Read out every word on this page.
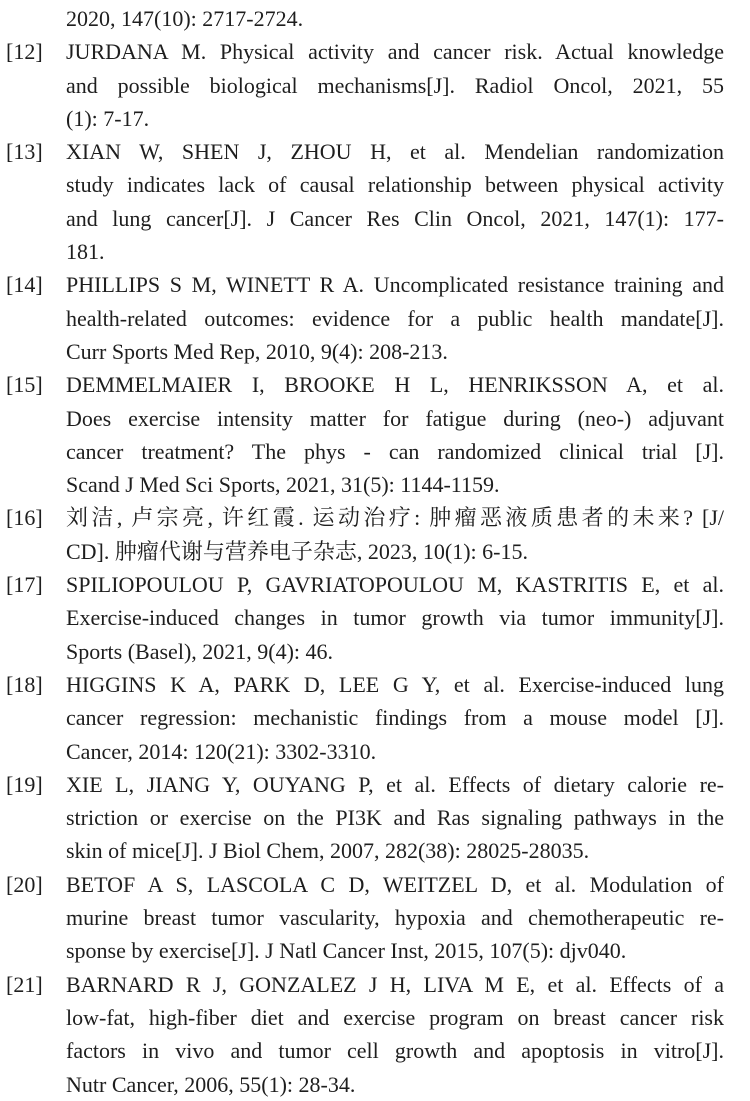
2020, 147(10): 2717-2724.
[12] JURDANA M. Physical activity and cancer risk. Actual knowledge
and possible biological mechanisms[J]. Radiol Oncol, 2021, 55
(1): 7-17.
[13] XIAN W, SHEN J, ZHOU H, et al. Mendelian randomization
study indicates lack of causal relationship between physical activity
and lung cancer[J]. J Cancer Res Clin Oncol, 2021, 147(1): 177-
181.
[14] PHILLIPS S M, WINETT R A. Uncomplicated resistance training and
health-related outcomes: evidence for a public health mandate[J].
Curr Sports Med Rep, 2010, 9(4): 208-213.
[15] DEMMELMAIER I, BROOKE H L, HENRIKSSON A, et al.
Does exercise intensity matter for fatigue during (neo-) adjuvant
cancer treatment? The phys - can randomized clinical trial [J].
Scand J Med Sci Sports, 2021, 31(5): 1144-1159.
[16] 刘洁, 卢宗亮, 许红霞. 运动治疗: 肿瘤恶液质患者的未来? [J/
CD]. 肿瘤代谢与营养电子杂志, 2023, 10(1): 6-15.
[17] SPILIOPOULOU P, GAVRIATOPOULOU M, KASTRITIS E, et al.
Exercise-induced changes in tumor growth via tumor immunity[J].
Sports (Basel), 2021, 9(4): 46.
[18] HIGGINS K A, PARK D, LEE G Y, et al. Exercise-induced lung
cancer regression: mechanistic findings from a mouse model [J].
Cancer, 2014: 120(21): 3302-3310.
[19] XIE L, JIANG Y, OUYANG P, et al. Effects of dietary calorie re-
striction or exercise on the PI3K and Ras signaling pathways in the
skin of mice[J]. J Biol Chem, 2007, 282(38): 28025-28035.
[20] BETOF A S, LASCOLA C D, WEITZEL D, et al. Modulation of
murine breast tumor vascularity, hypoxia and chemotherapeutic re-
sponse by exercise[J]. J Natl Cancer Inst, 2015, 107(5): djv040.
[21] BARNARD R J, GONZALEZ J H, LIVA M E, et al. Effects of a
low-fat, high-fiber diet and exercise program on breast cancer risk
factors in vivo and tumor cell growth and apoptosis in vitro[J].
Nutr Cancer, 2006, 55(1): 28-34.
